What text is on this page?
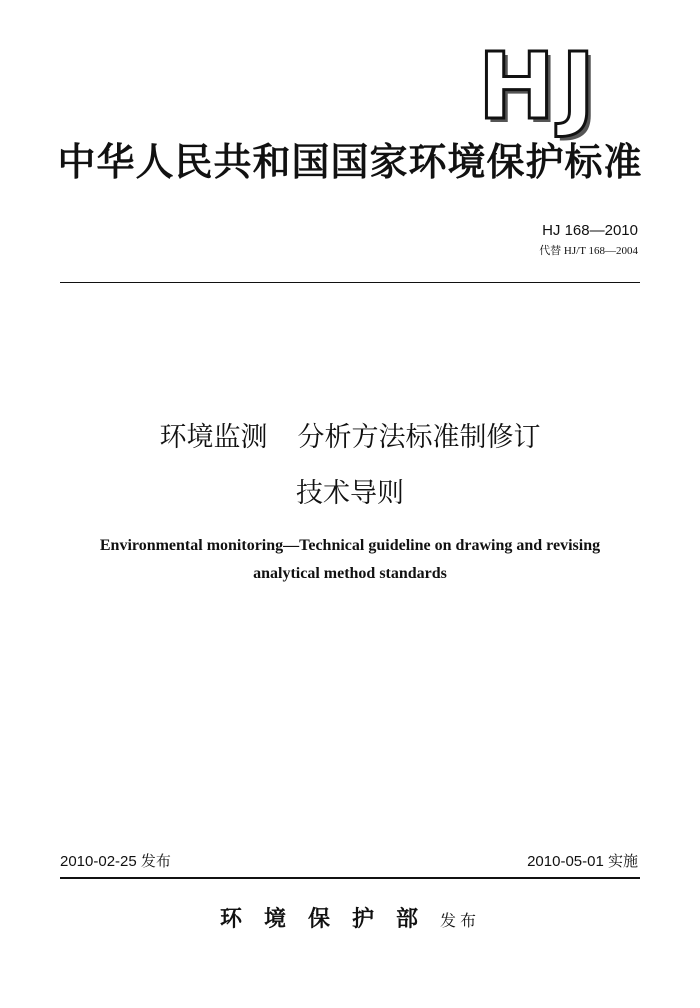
HJ
中华人民共和国国家环境保护标准
HJ 168—2010
代替 HJ/T 168—2004
环境监测 分析方法标准制修订
技术导则
Environmental monitoring—Technical guideline on drawing and revising
analytical method standards
2010-02-25 发布	2010-05-01 实施
环境保护部发布
